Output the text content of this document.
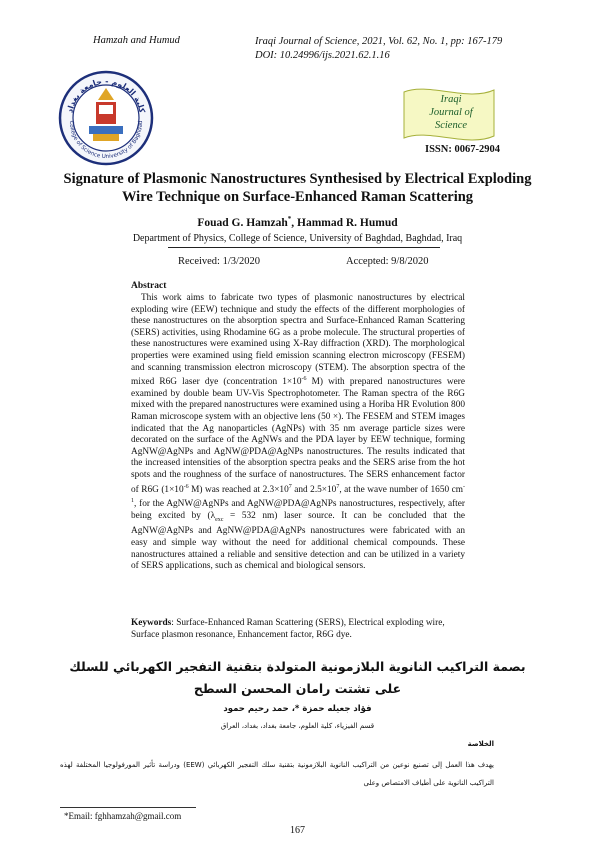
Hamzah and Humud	Iraqi Journal of Science, 2021, Vol. 62, No. 1, pp: 167-179
DOI: 10.24996/ijs.2021.62.1.16
كلية العلوم - جامعة بغداد
College of Science University of Baghdad
Iraqi
Journal of
Science
ISSN: 0067-2904
Signature of Plasmonic Nanostructures Synthesised by Electrical Exploding Wire Technique on Surface-Enhanced Raman Scattering
Fouad G. Hamzah*, Hammad R. Humud
Department of Physics, College of Science, University of Baghdad, Baghdad, Iraq
Received: 1/3/2020	Accepted: 9/8/2020
Abstract
This work aims to fabricate two types of plasmonic nanostructures by electrical exploding wire (EEW) technique and study the effects of the different morphologies of these nanostructures on the absorption spectra and Surface-Enhanced Raman Scattering (SERS) activities, using Rhodamine 6G as a probe molecule. The structural properties of these nanostructures were examined using X-Ray diffraction (XRD). The morphological properties were examined using field emission scanning electron microscopy (FESEM) and scanning transmission electron microscopy (STEM). The absorption spectra of the mixed R6G laser dye (concentration $1\times 10^{-6}$ M) with prepared nanostructures were examined by double beam UV-Vis Spectrophotometer. The Raman spectra of the R6G mixed with the prepared nanostructures were examined using a Horiba HR Evolution 800 Raman microscope system with an objective lens (50 ×). The FESEM and STEM images indicated that the Ag nanoparticles (AgNPs) with 35 nm average particle sizes were decorated on the surface of the AgNWs and the PDA layer by EEW technique, forming AgNW@AgNPs and AgNW@PDA@AgNPs nanostructures. The results indicated that the increased intensities of the absorption spectra peaks and the SERS arise from the hot spots and the roughness of the surface of nanostructures. The SERS enhancement factor of R6G ($1\times 10^{-6}$ M) was reached at $2.3\times 10^7$ and $2.5\times 10^7$, at the wave number of 1650 $cm^{-1}$, for the AgNW@AgNPs and AgNW@PDA@AgNPs nanostructures, respectively, after being excited by ($\lambda_{exc} = 532$ nm) laser source. It can be concluded that the AgNW@AgNPs and AgNW@PDA@AgNPs nanostructures were fabricated with an easy and simple way without the need for additional chemical compounds. These nanostructures attained a reliable and sensitive detection and can be utilized in a variety of SERS applications, such as chemical and biological sensors.
Keywords: Surface-Enhanced Raman Scattering (SERS), Electrical exploding wire, Surface plasmon resonance, Enhancement factor, R6G dye.
بصمة التراكيب النانوية البلازمونية المتولدة بتقنية التفجير الكهربائي للسلك على تشتت رامان المحسن السطح
فؤاد جعيله حمزة *، حمد رحيم حمود
قسم الفيزياء، كلية العلوم، جامعة بغداد، بغداد، العراق
الخلاصة
يهدف هذا العمل إلى تصنيع نوعين من التراكيب النانوية البلازمونية بتقنية سلك التفجير الكهربائي (EEW) ودراسة تأثير المورفولوجيا المختلفة لهذه التراكيب النانوية على أطياف الامتصاص وعلى
*Email: fghhamzah@gmail.com
167
